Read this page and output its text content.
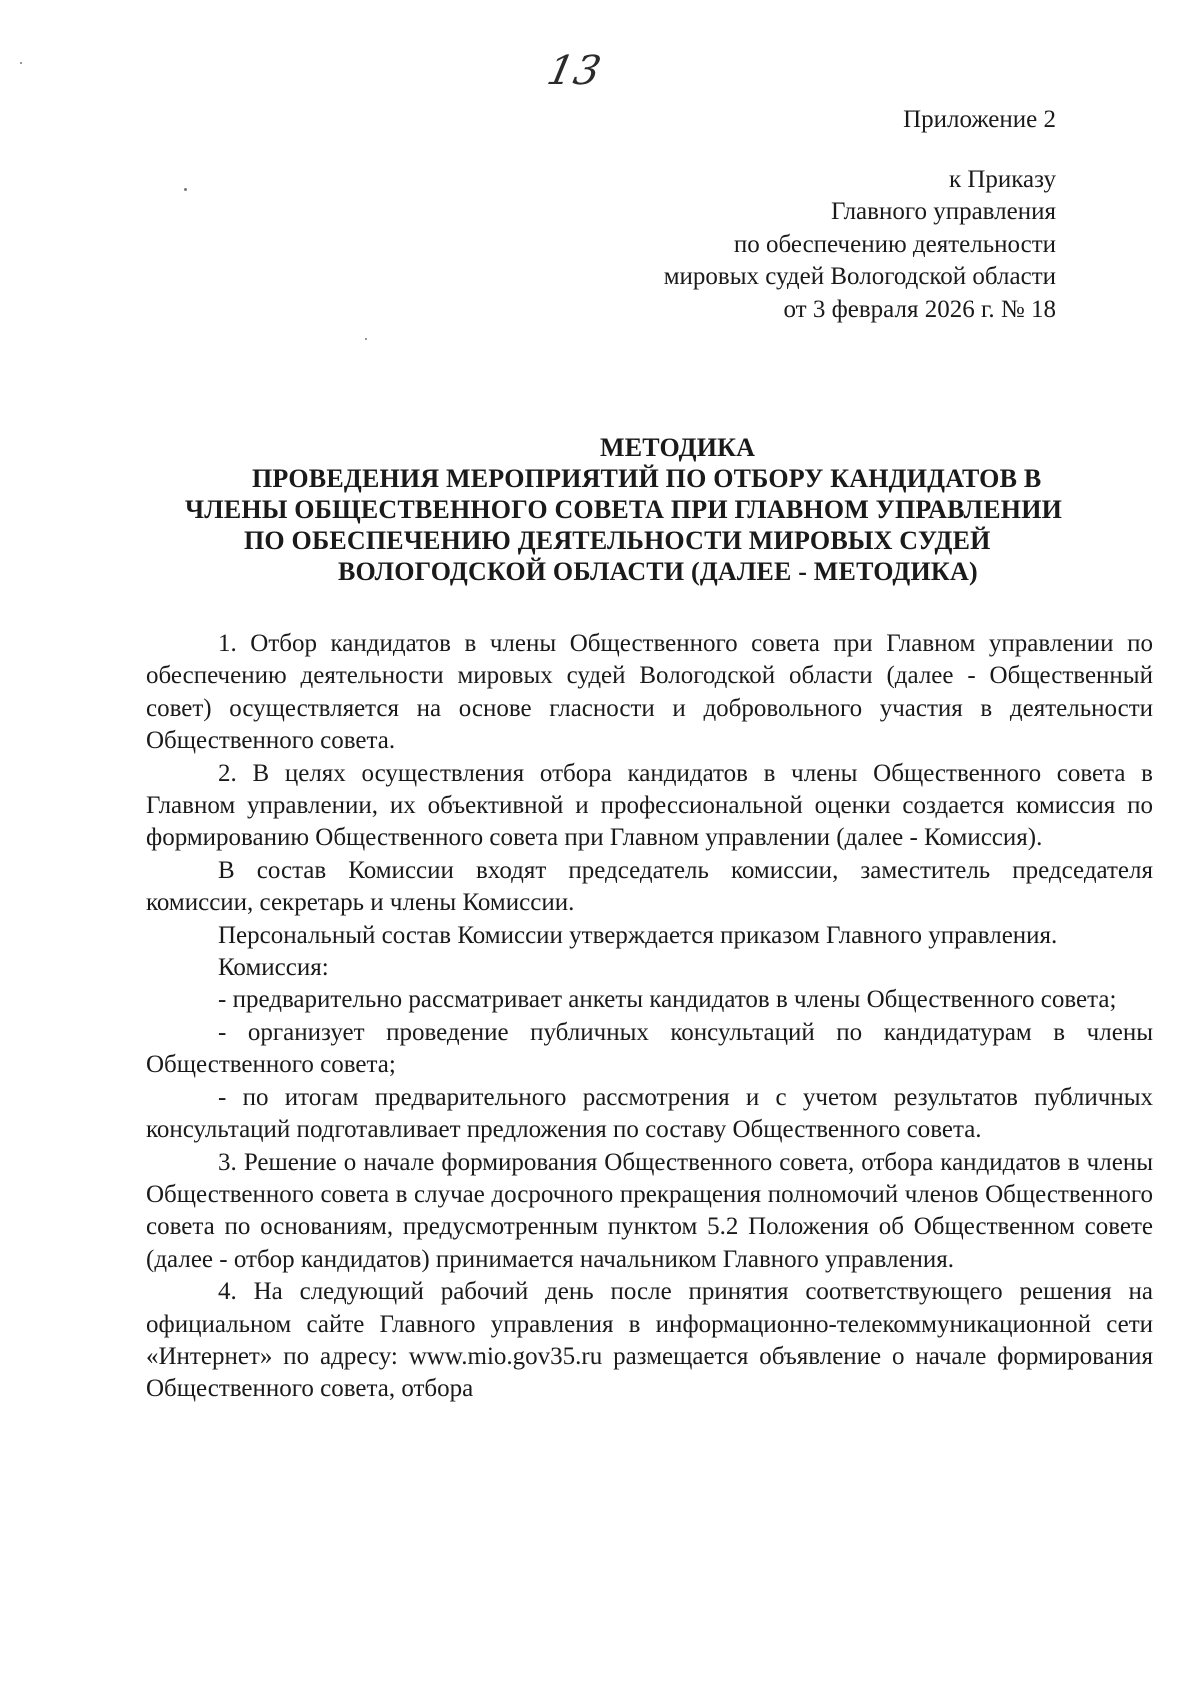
13

Приложение 2

к Приказу

Главного управления

по обеспечению деятельности

мировых судей Вологодской области

от 3 февраля 2026 г. № 18

МЕТОДИКА

ПРОВЕДЕНИЯ МЕРОПРИЯТИЙ ПО ОТБОРУ КАНДИДАТОВ В

ЧЛЕНЫ ОБЩЕСТВЕННОГО СОВЕТА ПРИ ГЛАВНОМ УПРАВЛЕНИИ

ПО ОБЕСПЕЧЕНИЮ ДЕЯТЕЛЬНОСТИ МИРОВЫХ СУДЕЙ

ВОЛОГОДСКОЙ ОБЛАСТИ (ДАЛЕЕ - МЕТОДИКА)

1. Отбор кандидатов в члены Общественного совета при Главном управлении по обеспечению деятельности мировых судей Вологодской области (далее - Общественный совет) осуществляется на основе гласности и добровольного участия в деятельности Общественного совета.

2. В целях осуществления отбора кандидатов в члены Общественного совета в Главном управлении, их объективной и профессиональной оценки создается комиссия по формированию Общественного совета при Главном управлении (далее - Комиссия).

В состав Комиссии входят председатель комиссии, заместитель председателя комиссии, секретарь и члены Комиссии.

Персональный состав Комиссии утверждается приказом Главного управления.

Комиссия:

- предварительно рассматривает анкеты кандидатов в члены Общественного совета;

- организует проведение публичных консультаций по кандидатурам в члены Общественного совета;

- по итогам предварительного рассмотрения и с учетом результатов публичных консультаций подготавливает предложения по составу Общественного совета.

3. Решение о начале формирования Общественного совета, отбора кандидатов в члены Общественного совета в случае досрочного прекращения полномочий членов Общественного совета по основаниям, предусмотренным пунктом 5.2 Положения об Общественном совете (далее - отбор кандидатов) принимается начальником Главного управления.

4. На следующий рабочий день после принятия соответствующего решения на официальном сайте Главного управления в информационно-телекоммуникационной сети «Интернет» по адресу: www.mio.gov35.ru размещается объявление о начале формирования Общественного совета, отбора
